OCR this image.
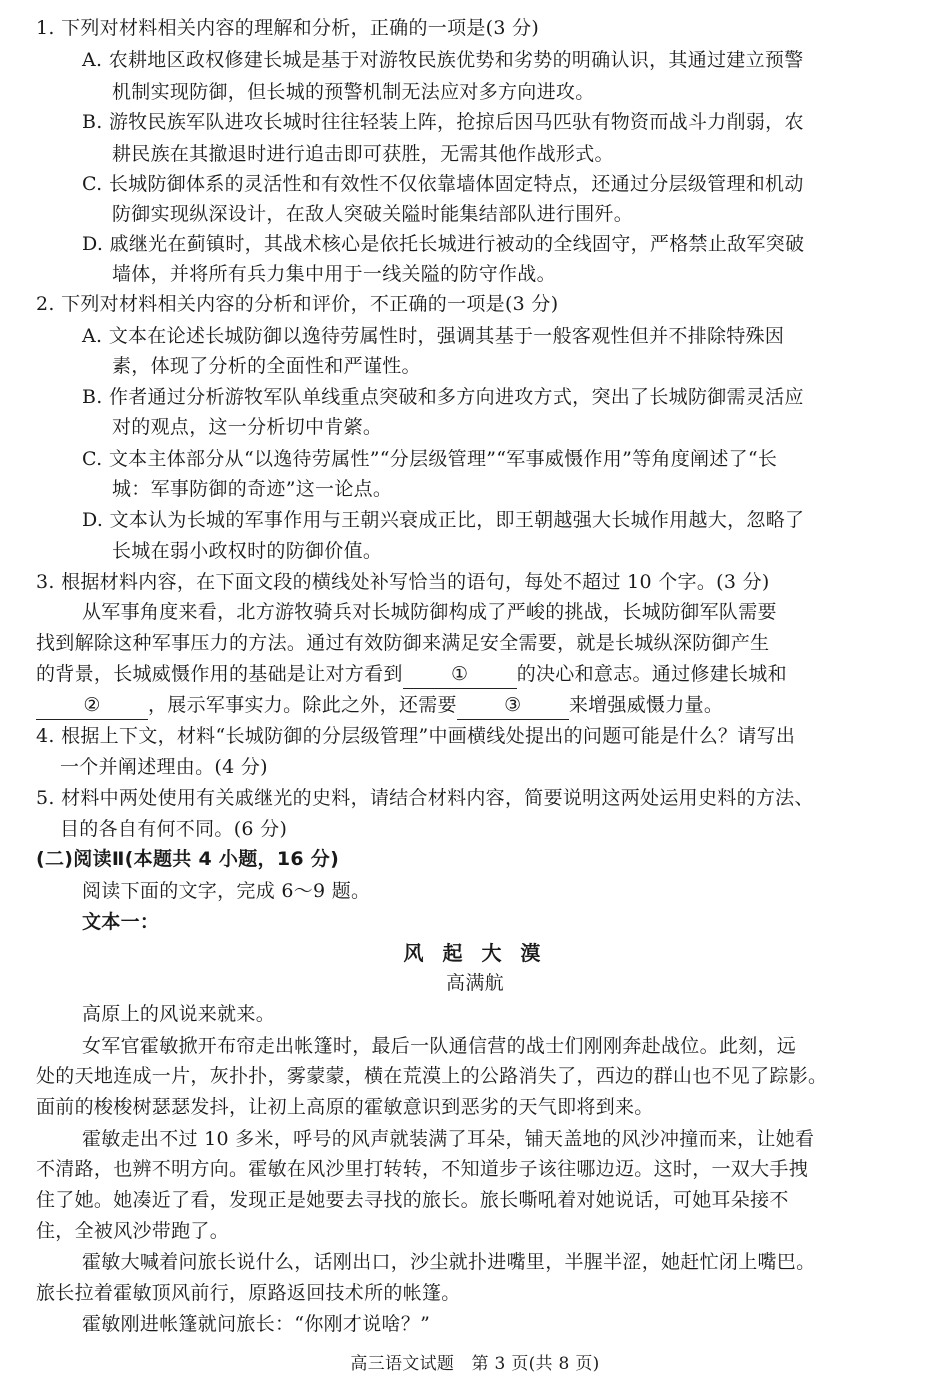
1. 下列对材料相关内容的理解和分析，正确的一项是(3 分)
A. 农耕地区政权修建长城是基于对游牧民族优势和劣势的明确认识，其通过建立预警
机制实现防御，但长城的预警机制无法应对多方向进攻。
B. 游牧民族军队进攻长城时往往轻装上阵，抢掠后因马匹驮有物资而战斗力削弱，农
耕民族在其撤退时进行追击即可获胜，无需其他作战形式。
C. 长城防御体系的灵活性和有效性不仅依靠墙体固定特点，还通过分层级管理和机动
防御实现纵深设计，在敌人突破关隘时能集结部队进行围歼。
D. 戚继光在蓟镇时，其战术核心是依托长城进行被动的全线固守，严格禁止敌军突破
墙体，并将所有兵力集中用于一线关隘的防守作战。
2. 下列对材料相关内容的分析和评价，不正确的一项是(3 分)
A. 文本在论述长城防御以逸待劳属性时，强调其基于一般客观性但并不排除特殊因
素，体现了分析的全面性和严谨性。
B. 作者通过分析游牧军队单线重点突破和多方向进攻方式，突出了长城防御需灵活应
对的观点，这一分析切中肯綮。
C. 文本主体部分从“以逸待劳属性”“分层级管理”“军事威慑作用”等角度阐述了“长
城：军事防御的奇迹”这一论点。
D. 文本认为长城的军事作用与王朝兴衰成正比，即王朝越强大长城作用越大，忽略了
长城在弱小政权时的防御价值。
3. 根据材料内容，在下面文段的横线处补写恰当的语句，每处不超过 10 个字。(3 分)
从军事角度来看，北方游牧骑兵对长城防御构成了严峻的挑战，长城防御军队需要
找到解除这种军事压力的方法。通过有效防御来满足安全需要，就是长城纵深防御产生
的背景，长城威慑作用的基础是让对方看到	①	的决心和意志。通过修建长城和
② ，展示军事实力。除此之外，还需要 ③ 来增强威慑力量。
4. 根据上下文，材料“长城防御的分层级管理”中画横线处提出的问题可能是什么？请写出
一个并阐述理由。(4 分)
5. 材料中两处使用有关戚继光的史料，请结合材料内容，简要说明这两处运用史料的方法、
目的各自有何不同。(6 分)
(二)阅读Ⅱ(本题共 4 小题，16 分)
阅读下面的文字，完成 6～9 题。
文本一：
风 起 大 漠
高满航
高原上的风说来就来。
女军官霍敏掀开布帘走出帐篷时，最后一队通信营的战士们刚刚奔赴战位。此刻，远
处的天地连成一片，灰扑扑，雾蒙蒙，横在荒漠上的公路消失了，西边的群山也不见了踪影。
面前的梭梭树瑟瑟发抖，让初上高原的霍敏意识到恶劣的天气即将到来。
霍敏走出不过 10 多米，呼号的风声就装满了耳朵，铺天盖地的风沙冲撞而来，让她看
不清路，也辨不明方向。霍敏在风沙里打转转，不知道步子该往哪边迈。这时，一双大手拽
住了她。她凑近了看，发现正是她要去寻找的旅长。旅长嘶吼着对她说话，可她耳朵接不
住，全被风沙带跑了。
霍敏大喊着问旅长说什么，话刚出口，沙尘就扑进嘴里，半腥半涩，她赶忙闭上嘴巴。
旅长拉着霍敏顶风前行，原路返回技术所的帐篷。
霍敏刚进帐篷就问旅长：“你刚才说啥？”
高三语文试题　第 3 页(共 8 页)
